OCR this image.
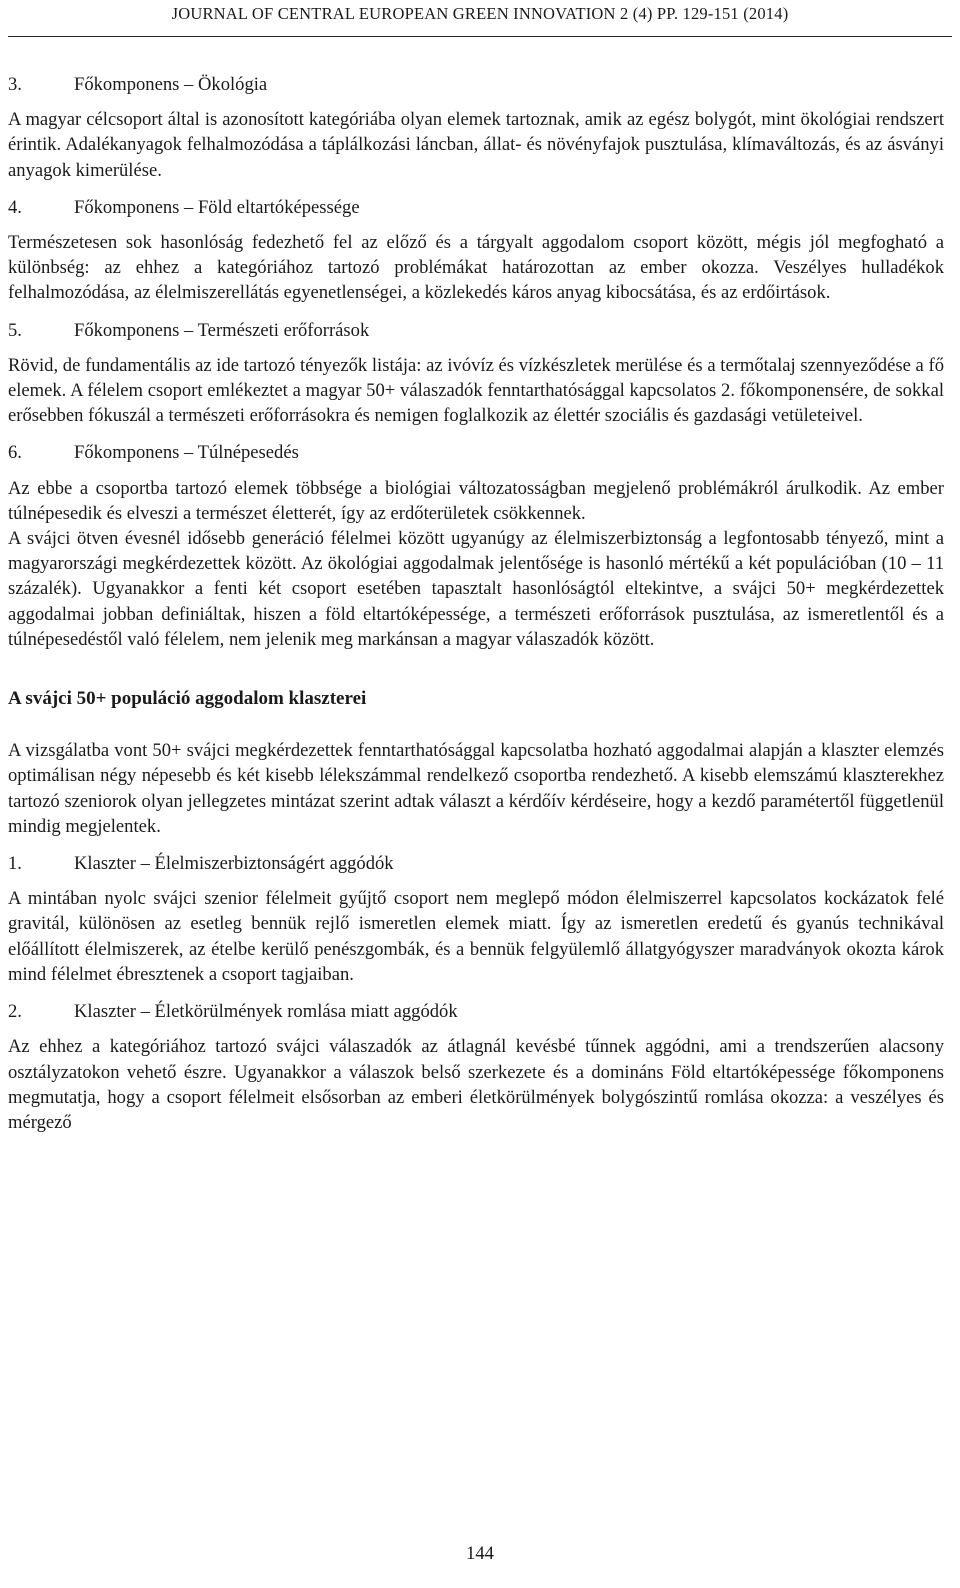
JOURNAL OF CENTRAL EUROPEAN GREEN INNOVATION 2 (4) PP. 129-151 (2014)

3.	Főkomponens – Ökológia

A magyar célcsoport által is azonosított kategóriába olyan elemek tartoznak, amik az egész bolygót, mint ökológiai rendszert érintik. Adalékanyagok felhalmozódása a táplálkozási láncban, állat- és növényfajok pusztulása, klímaváltozás, és az ásványi anyagok kimerülése.

4.	Főkomponens – Föld eltartóképessége

Természetesen sok hasonlóság fedezhető fel az előző és a tárgyalt aggodalom csoport között, mégis jól megfogható a különbség: az ehhez a kategóriához tartozó problémákat határozottan az ember okozza. Veszélyes hulladékok felhalmozódása, az élelmiszerellátás egyenetlenségei, a közlekedés káros anyag kibocsátása, és az erdőirtások.

5.	Főkomponens – Természeti erőforrások

Rövid, de fundamentális az ide tartozó tényezők listája: az ivóvíz és vízkészletek merülése és a termőtalaj szennyeződése a fő elemek. A félelem csoport emlékeztet a magyar 50+ válaszadók fenntarthatósággal kapcsolatos 2. főkomponensére, de sokkal erősebben fókuszál a természeti erőforrásokra és nemigen foglalkozik az élettér szociális és gazdasági vetületeivel.

6.	Főkomponens – Túlnépesedés

Az ebbe a csoportba tartozó elemek többsége a biológiai változatosságban megjelenő problémákról árulkodik. Az ember túlnépesedik és elveszi a természet életterét, így az erdőterületek csökkennek.

A svájci ötven évesnél idősebb generáció félelmei között ugyanúgy az élelmiszerbiztonság a legfontosabb tényező, mint a magyarországi megkérdezettek között. Az ökológiai aggodalmak jelentősége is hasonló mértékű a két populációban (10 – 11 százalék). Ugyanakkor a fenti két csoport esetében tapasztalt hasonlóságtól eltekintve, a svájci 50+ megkérdezettek aggodalmai jobban definiáltak, hiszen a föld eltartóképessége, a természeti erőforrások pusztulása, az ismeretlentől és a túlnépesedéstől való félelem, nem jelenik meg markánsan a magyar válaszadók között.

A svájci 50+ populáció aggodalom klaszterei

A vizsgálatba vont 50+ svájci megkérdezettek fenntarthatósággal kapcsolatba hozható aggodalmai alapján a klaszter elemzés optimálisan négy népesebb és két kisebb lélekszámmal rendelkező csoportba rendezhető. A kisebb elemszámú klaszterekhez tartozó szeniorok olyan jellegzetes mintázat szerint adtak választ a kérdőív kérdéseire, hogy a kezdő paramétertől függetlenül mindig megjelentek.

1.	Klaszter – Élelmiszerbiztonságért aggódók

A mintában nyolc svájci szenior félelmeit gyűjtő csoport nem meglepő módon élelmiszerrel kapcsolatos kockázatok felé gravitál, különösen az esetleg bennük rejlő ismeretlen elemek miatt. Így az ismeretlen eredetű és gyanús technikával előállított élelmiszerek, az ételbe kerülő penészgombák, és a bennük felgyülemlő állatgyógyszer maradványok okozta károk mind félelmet ébresztenek a csoport tagjaiban.

2.	Klaszter – Életkörülmények romlása miatt aggódók

Az ehhez a kategóriához tartozó svájci válaszadók az átlagnál kevésbé tűnnek aggódni, ami a trendszerűen alacsony osztályzatokon vehető észre. Ugyanakkor a válaszok belső szerkezete és a domináns Föld eltartóképessége főkomponens megmutatja, hogy a csoport félelmeit elsősorban az emberi életkörülmények bolygószintű romlása okozza: a veszélyes és mérgező

144
